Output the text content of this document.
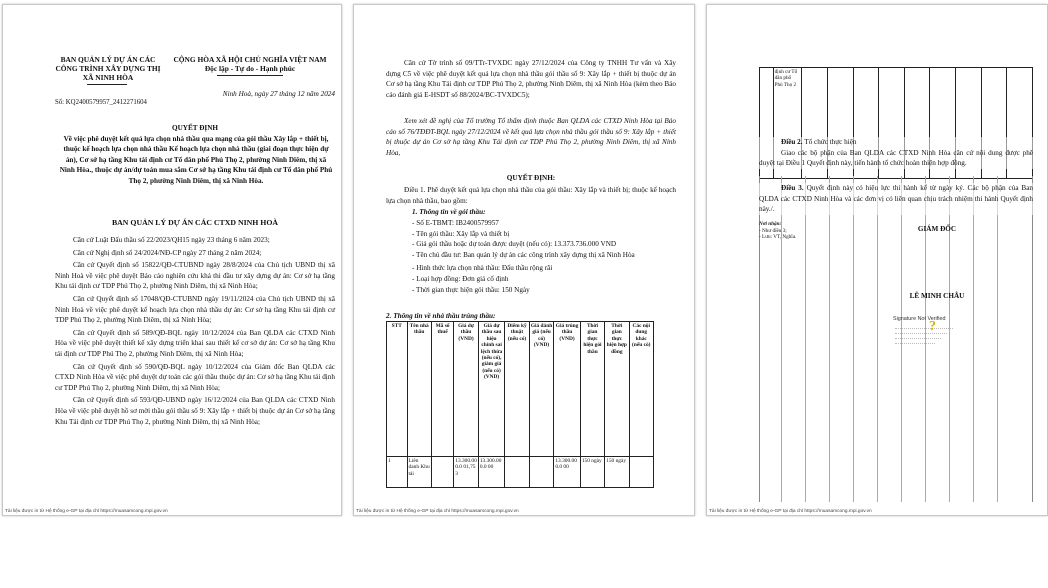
BAN QUẢN LÝ DỰ ÁN CÁC CÔNG TRÌNH XÂY DỰNG THỊ XÃ NINH HÒA
CỘNG HÒA XÃ HỘI CHỦ NGHĨA VIỆT NAM
Độc lập - Tự do - Hạnh phúc
Số: KQ2400579957_2412271604
Ninh Hoà, ngày 27 tháng 12 năm 2024
QUYẾT ĐỊNH
Về việc phê duyệt kết quả lựa chọn nhà thầu qua mạng của gói thầu Xây lắp + thiết bị, thuộc kế hoạch lựa chọn nhà thầu Kế hoạch lựa chọn nhà thầu (giai đoạn thực hiện dự án), Cơ sở hạ tầng Khu tái định cư Tổ dân phố Phú Thọ 2, phường Ninh Diêm, thị xã Ninh Hòa., thuộc dự án/dự toán mua sắm Cơ sở hạ tầng Khu tái định cư Tổ dân phố Phú Thọ 2, phường Ninh Diêm, thị xã Ninh Hòa.
BAN QUẢN LÝ DỰ ÁN CÁC CTXD NINH HOÀ
Căn cứ Luật Đấu thầu số 22/2023/QH15 ngày 23 tháng 6 năm 2023;
Căn cứ Nghị định số 24/2024/NĐ-CP ngày 27 tháng 2 năm 2024;
Căn cứ Quyết định số 15822/QĐ-CTUBND ngày 28/8/2024 của Chủ tịch UBND thị xã Ninh Hoà về việc phê duyệt Báo cáo nghiên cứu khả thi đầu tư xây dựng dự án: Cơ sở hạ tầng Khu tái định cư TDP Phú Thọ 2, phường Ninh Diêm, thị xã Ninh Hòa;
Căn cứ Quyết định số 17048/QĐ-CTUBND ngày 19/11/2024 của Chủ tịch UBND thị xã Ninh Hoà về việc phê duyệt kế hoạch lựa chọn nhà thầu dự án: Cơ sở hạ tầng Khu tái định cư TDP Phú Thọ 2, phường Ninh Diêm, thị xã Ninh Hòa;
Căn cứ Quyết định số 589/QĐ-BQL ngày 10/12/2024 của Ban QLDA các CTXD Ninh Hòa về việc phê duyệt thiết kế xây dựng triển khai sau thiết kế cơ sở dự án: Cơ sở hạ tầng Khu tái định cư TDP Phú Thọ 2, phường Ninh Diêm, thị xã Ninh Hòa;
Căn cứ Quyết định số 590/QĐ-BQL ngày 10/12/2024 của Giám đốc Ban QLDA các CTXD Ninh Hòa về việc phê duyệt dự toán các gói thầu thuộc dự án: Cơ sở hạ tầng Khu tái định cư TDP Phú Thọ 2, phường Ninh Diêm, thị xã Ninh Hòa;
Căn cứ Quyết định số 593/QĐ-UBND ngày 16/12/2024 của Ban QLDA các CTXD Ninh Hòa về việc phê duyệt hồ sơ mời thầu gói thầu số 9: Xây lắp + thiết bị thuộc dự án Cơ sở hạ tầng Khu Tái định cư TDP Phú Thọ 2, phường Ninh Diêm, thị xã Ninh Hòa;
Tài liệu được in từ Hệ thống e-GP tại địa chỉ https://muasamcong.mpi.gov.vn
Căn cứ Tờ trình số 09/TTr-TVXDC ngày 27/12/2024 của Công ty TNHH Tư vấn và Xây dựng C5 về việc phê duyệt kết quả lựa chọn nhà thầu gói thầu số 9: Xây lắp + thiết bị thuộc dự án Cơ sở hạ tầng Khu Tái định cư TDP Phú Thọ 2, phường Ninh Diêm, thị xã Ninh Hòa (kèm theo Báo cáo đánh giá E-HSDT số 88/2024/BC-TVXDC5);
Xem xét đề nghị của Tổ trưởng Tổ thẩm định thuộc Ban QLDA các CTXD Ninh Hòa tại Báo cáo số 76/TĐĐT-BQL ngày 27/12/2024 về kết quả lựa chọn nhà thầu gói thầu số 9: Xây lắp + thiết bị thuộc dự án Cơ sở hạ tầng Khu Tái định cư TDP Phú Thọ 2, phường Ninh Diêm, thị xã Ninh Hòa,
QUYẾT ĐỊNH:
Điều 1. Phê duyệt kết quả lựa chọn nhà thầu của gói thầu: Xây lắp và thiết bị; thuộc kế hoạch lựa chọn nhà thầu, bao gồm:
1. Thông tin về gói thầu:
- Số E-TBMT: IB2400579957
- Tên gói thầu: Xây lắp và thiết bị
- Giá gói thầu hoặc dự toán được duyệt (nếu có): 13.373.736.000 VND
- Tên chủ đầu tư: Ban quản lý dự án các công trình xây dựng thị xã Ninh Hòa
- Hình thức lựa chọn nhà thầu: Đấu thầu rộng rãi
- Loại hợp đồng: Đơn giá cố định
- Thời gian thực hiện gói thầu: 150 Ngày
2. Thông tin về nhà thầu trúng thầu:
STT	Tên nhà thầu	Mã số thuế	Giá dự thầu (VND)	Giá dự thầu sau hiệu chỉnh sai lệch thừa (nếu có), giảm giá (nếu có) (VND)	Điểm kỹ thuật (nếu có)	Giá đánh giá (nếu có) (VND)	Giá trúng thầu (VND)	Thời gian thực hiện gói thầu	Thời gian thực hiện hợp đồng	Các nội dung khác (nếu có)
1	Liên danh Khu tái		13.300.000.0 01,753	13.300.000.0 00			13.300.000.0 00	150 ngày	150 ngày	
Tài liệu được in từ Hệ thống e-GP tại địa chỉ https://muasamcong.mpi.gov.vn
	định cư Tổ dân phố Phú Thọ 2									
Điều 2. Tổ chức thực hiện
Giao các bộ phận của Ban QLDA các CTXD Ninh Hòa căn cứ nội dung được phê duyệt tại Điều 1 Quyết định này, tiến hành tổ chức hoàn thiện hợp đồng.
Điều 3. Quyết định này có hiệu lực thi hành kể từ ngày ký. Các bộ phận của Ban QLDA các CTXD Ninh Hòa và các đơn vị có liên quan chịu trách nhiệm thi hành Quyết định này./.
Nơi nhận:
- Như điều 3;
- Lưu: VT, Nghĩa.
GIÁM ĐỐC
LÊ MINH CHÂU
Signature Not Verified
?
Tài liệu được in từ Hệ thống e-GP tại địa chỉ https://muasamcong.mpi.gov.vn
